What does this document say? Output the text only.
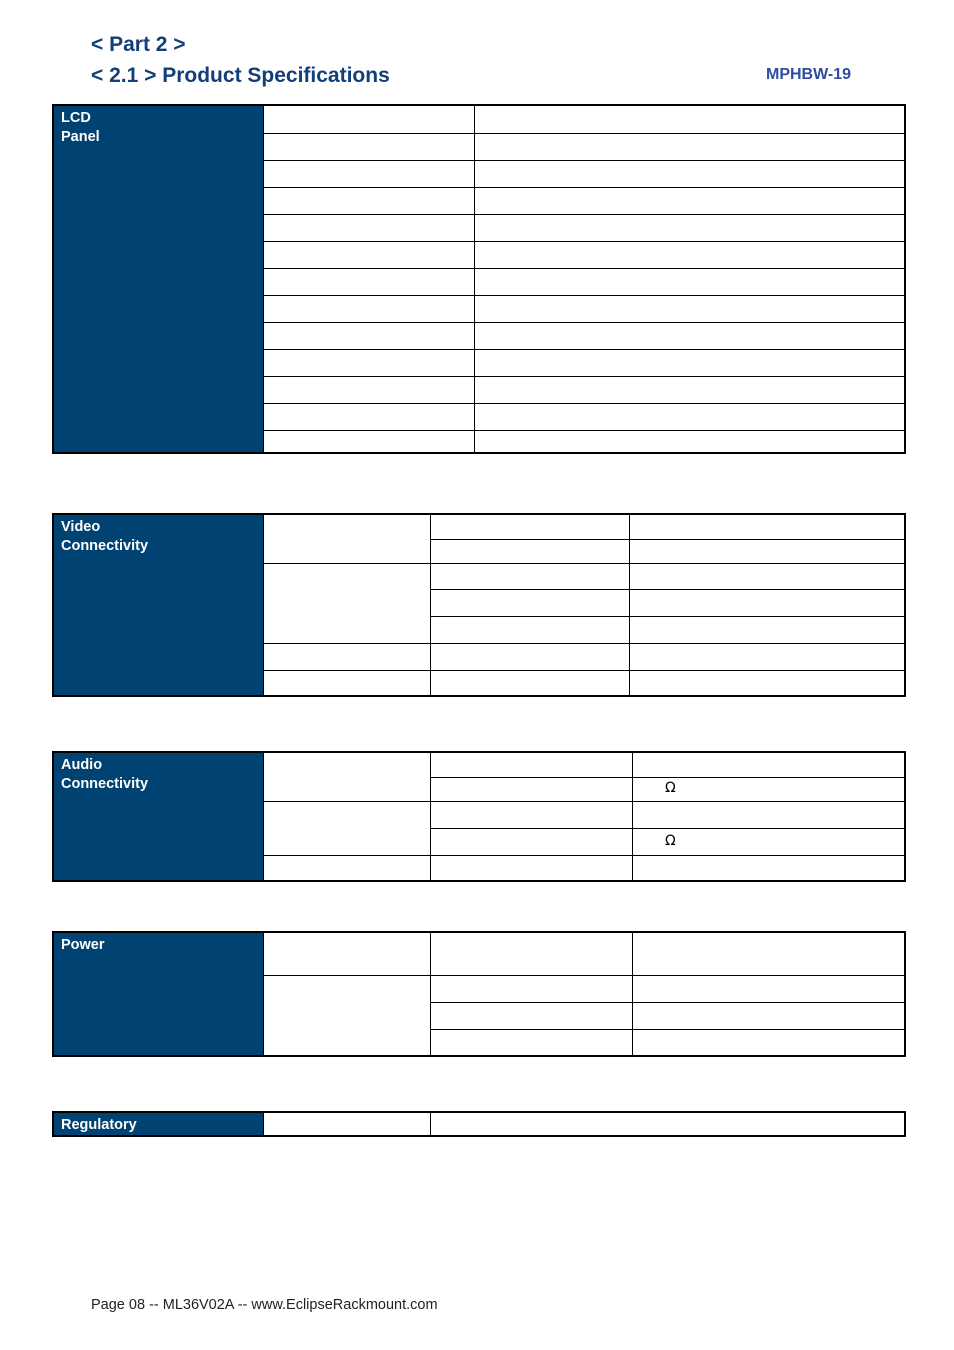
< Part 2 >
< 2.1 > Product Specifications	MPHBW-19
LCD
Panel
Video
Connectivity
Audio
Connectivity	Ω
Ω
Power
Regulatory
Page 08 -- ML36V02A -- www.EclipseRackmount.com
